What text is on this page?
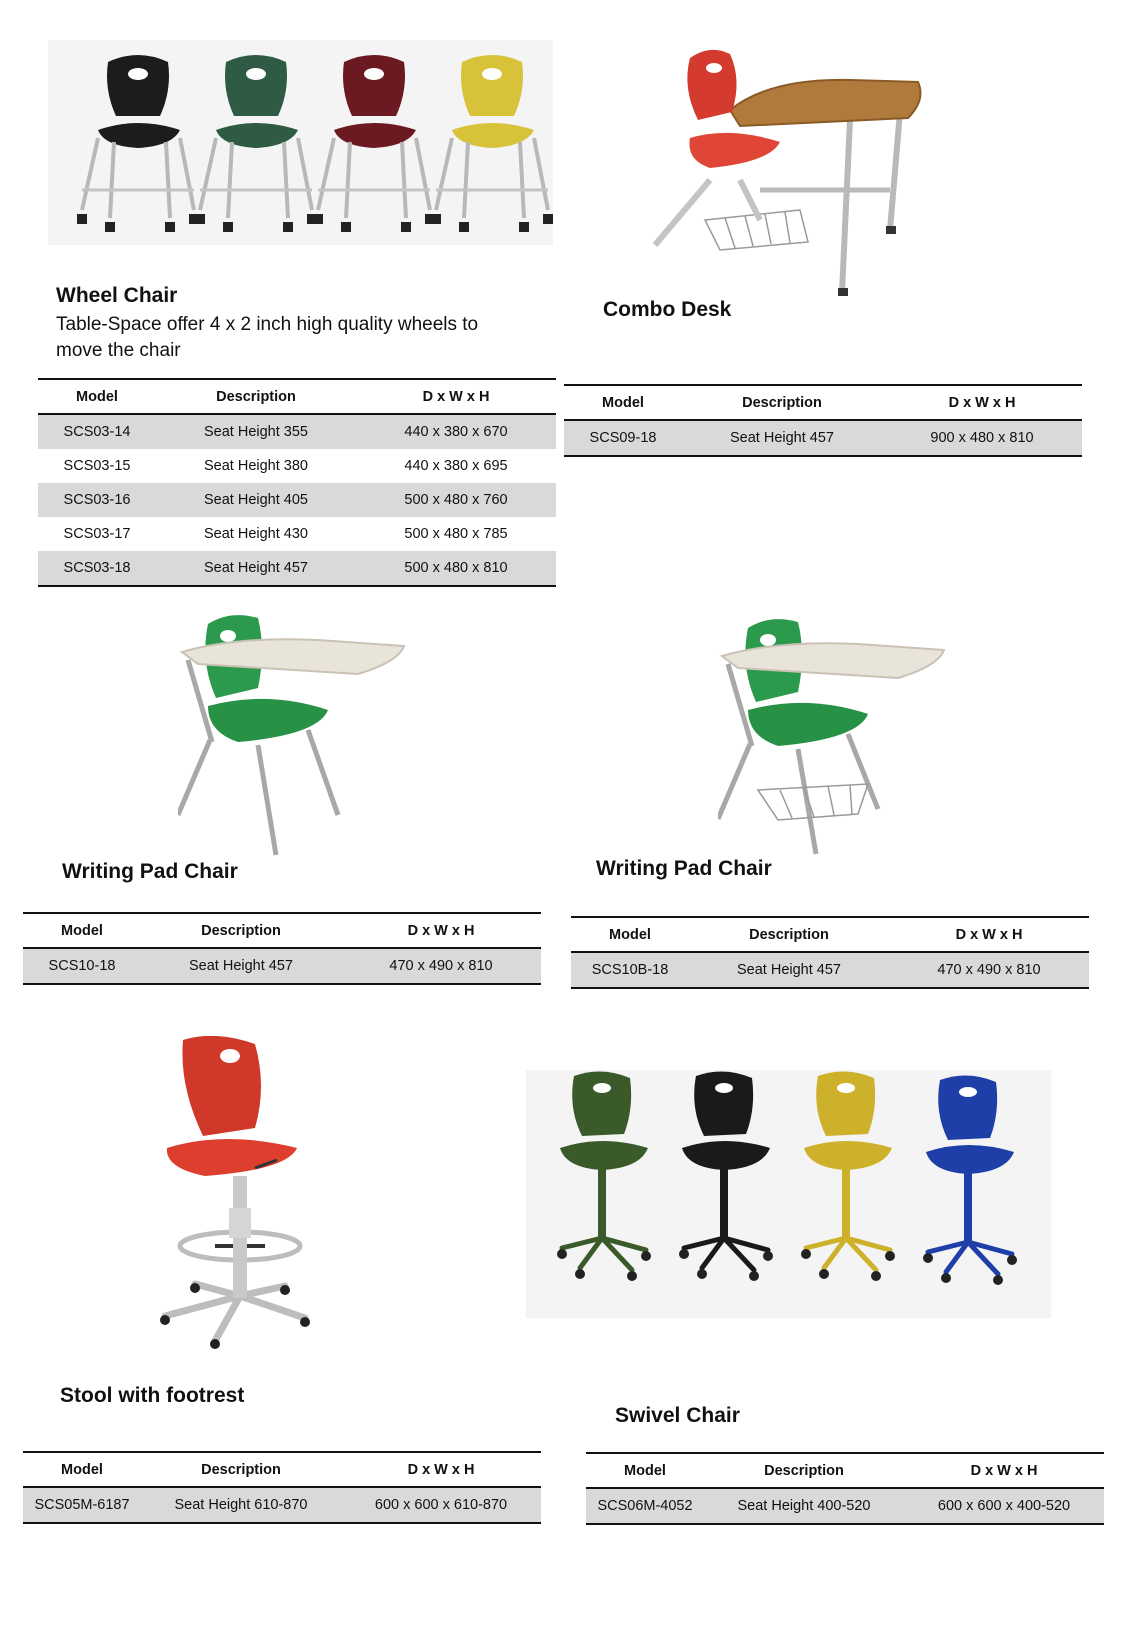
Wheel Chair
Table-Space offer 4 x 2 inch high quality wheels to move the chair
Model	Description	D x W x H
SCS03-14	Seat Height 355	440 x 380 x 670
SCS03-15	Seat Height 380	440 x 380 x 695
SCS03-16	Seat Height 405	500 x 480 x 760
SCS03-17	Seat Height 430	500 x 480 x 785
SCS03-18	Seat Height 457	500 x 480 x 810
Combo Desk
Model	Description	D x W x H
SCS09-18	Seat Height 457	900 x 480 x 810
Writing Pad Chair	Writing Pad Chair
Model	Description	D x W x H
SCS10-18	Seat Height 457	470 x 490 x 810
Model	Description	D x W x H
SCS10B-18	Seat Height 457	470 x 490 x 810
Stool with footrest
Swivel Chair
Model	Description	D x W x H
SCS05M-6187	Seat Height 610-870	600 x 600 x 610-870
Model	Description	D x W x H
SCS06M-4052	Seat Height 400-520	600 x 600 x 400-520
